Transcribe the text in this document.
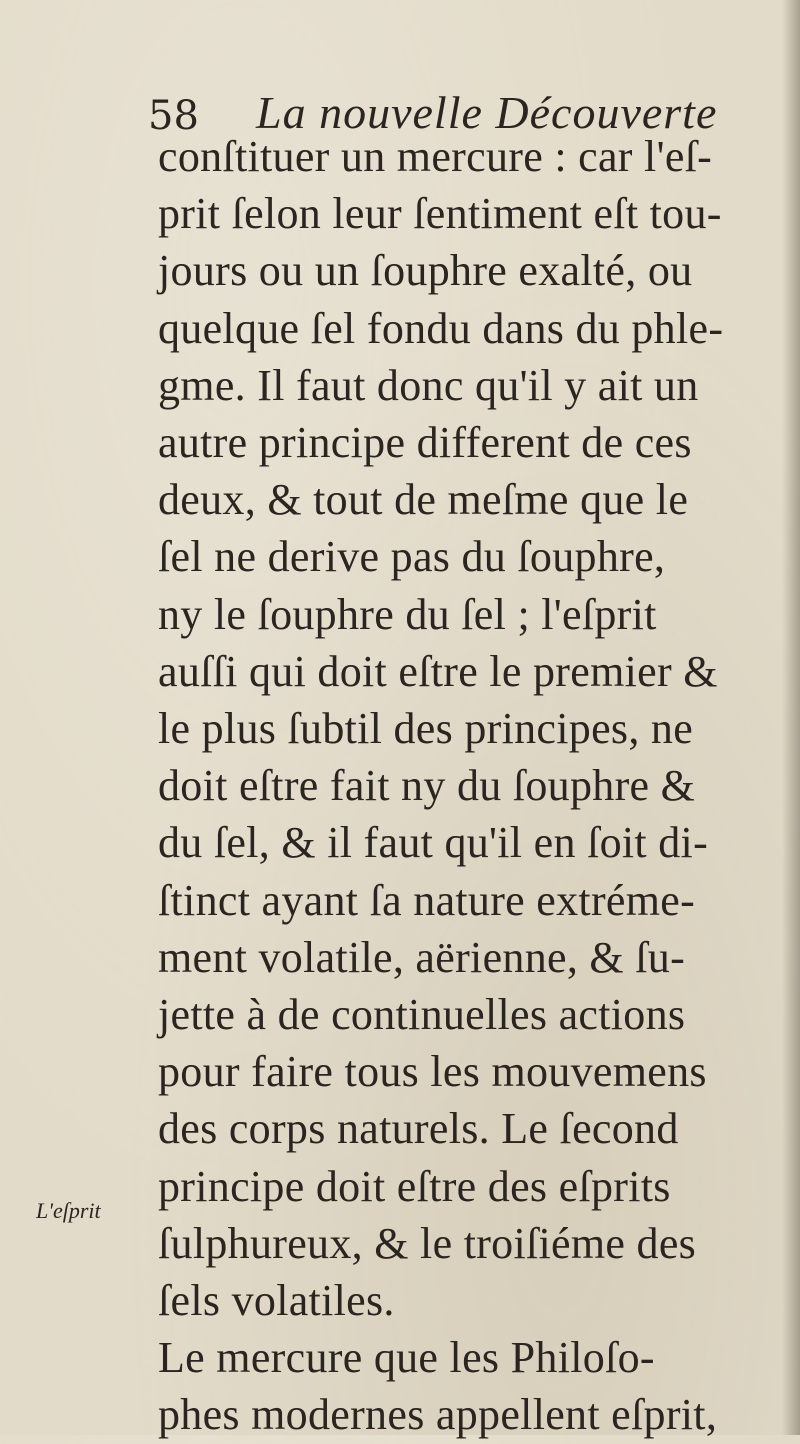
58 La nouvelle Découverte
conſtituer un mercure : car l'eſ-
prit ſelon leur ſentiment eſt tou-
jours ou un ſouphre exalté, ou
quelque ſel fondu dans du phle-
gme. Il faut donc qu'il y ait un
autre principe different de ces
deux, & tout de meſme que le
ſel ne derive pas du ſouphre,
ny le ſouphre du ſel ; l'eſprit
auſſi qui doit eſtre le premier &
le plus ſubtil des principes, ne
doit eſtre fait ny du ſouphre &
du ſel, & il faut qu'il en ſoit di-
ſtinct ayant ſa nature extréme-
ment volatile, aërienne, & ſu-
jette à de continuelles actions
pour faire tous les mouvemens
des corps naturels. Le ſecond
principe doit eſtre des eſprits
ſulphureux, & le troiſiéme des
ſels volatiles.
Le mercure que les Philoſo-
phes modernes appellent eſprit,
L'eſprit
